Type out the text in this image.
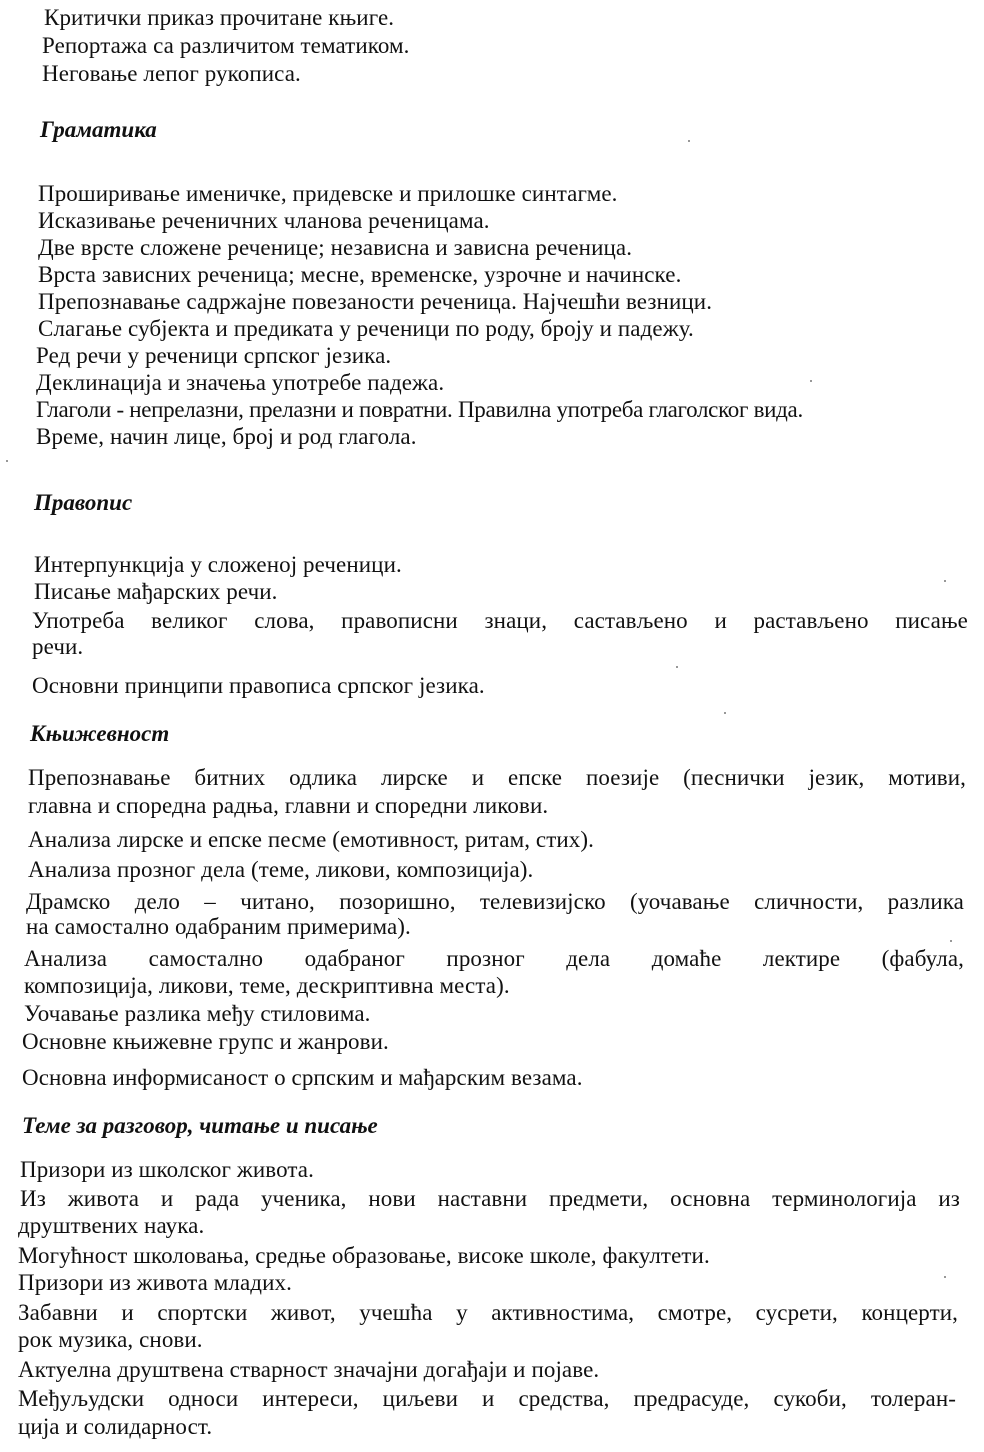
Критички приказ прочитане књиге.
Репортажа са различитом тематиком.
Неговање лепог рукописа.
Граматика
Проширивање именичке, придевске и прилошке синтагме.
Исказивање реченичних чланова реченицама.
Две врсте сложене реченице; независна и зависна реченица.
Врста зависних реченица; месне, временске, узрочне и начинске.
Препознавање садржајне повезаности реченица. Најчешћи везници.
Слагање субјекта и предиката у реченици по роду, броју и падежу.
Ред речи у реченици српског језика.
Деклинација и значења употребе падежа.
Глаголи - непрелазни, прелазни и повратни. Правилна употреба глаголског вида.
Време, начин лице, број и род глагола.
Правопис
Интерпункција у сложеној реченици.
Писање мађарских речи.
Употреба великог слова, правописни знаци, састављено и растављено писање
речи.
Основни принципи правописа српског језика.
Књижевност
Препознавање битних одлика лирске и епске поезије (песнички језик, мотиви,
главна и споредна радња, главни и споредни ликови.
Анализа лирске и епске песме (емотивност, ритам, стих).
Анализа прозног дела (теме, ликови, композиција).
Драмско дело – читано, позоришно, телевизијско (уочавање сличности, разлика
на самостално одабраним примерима).
Анализа самостално одабраног прозног дела домаће лектире (фабула,
композиција, ликови, теме, дескриптивна места).
Уочавање разлика међу стиловима.
Основне књижевне групс и жанрови.
Основна информисаност о српским и мађарским везама.
Теме за разговор, читање и писање
Призори из школског живота.
Из живота и рада ученика, нови наставни предмети, основна терминологија из
друштвених наука.
Могућност школовања, средње образовање, високе школе, факултети.
Призори из живота младих.
Забавни и спортски живот, учешћа у активностима, смотре, сусрети, концерти,
рок музика, снови.
Актуелна друштвена стварност значајни догађаји и појаве.
Међуљудски односи интереси, циљеви и средства, предрасуде, сукоби, толеран-
ција и солидарност.
